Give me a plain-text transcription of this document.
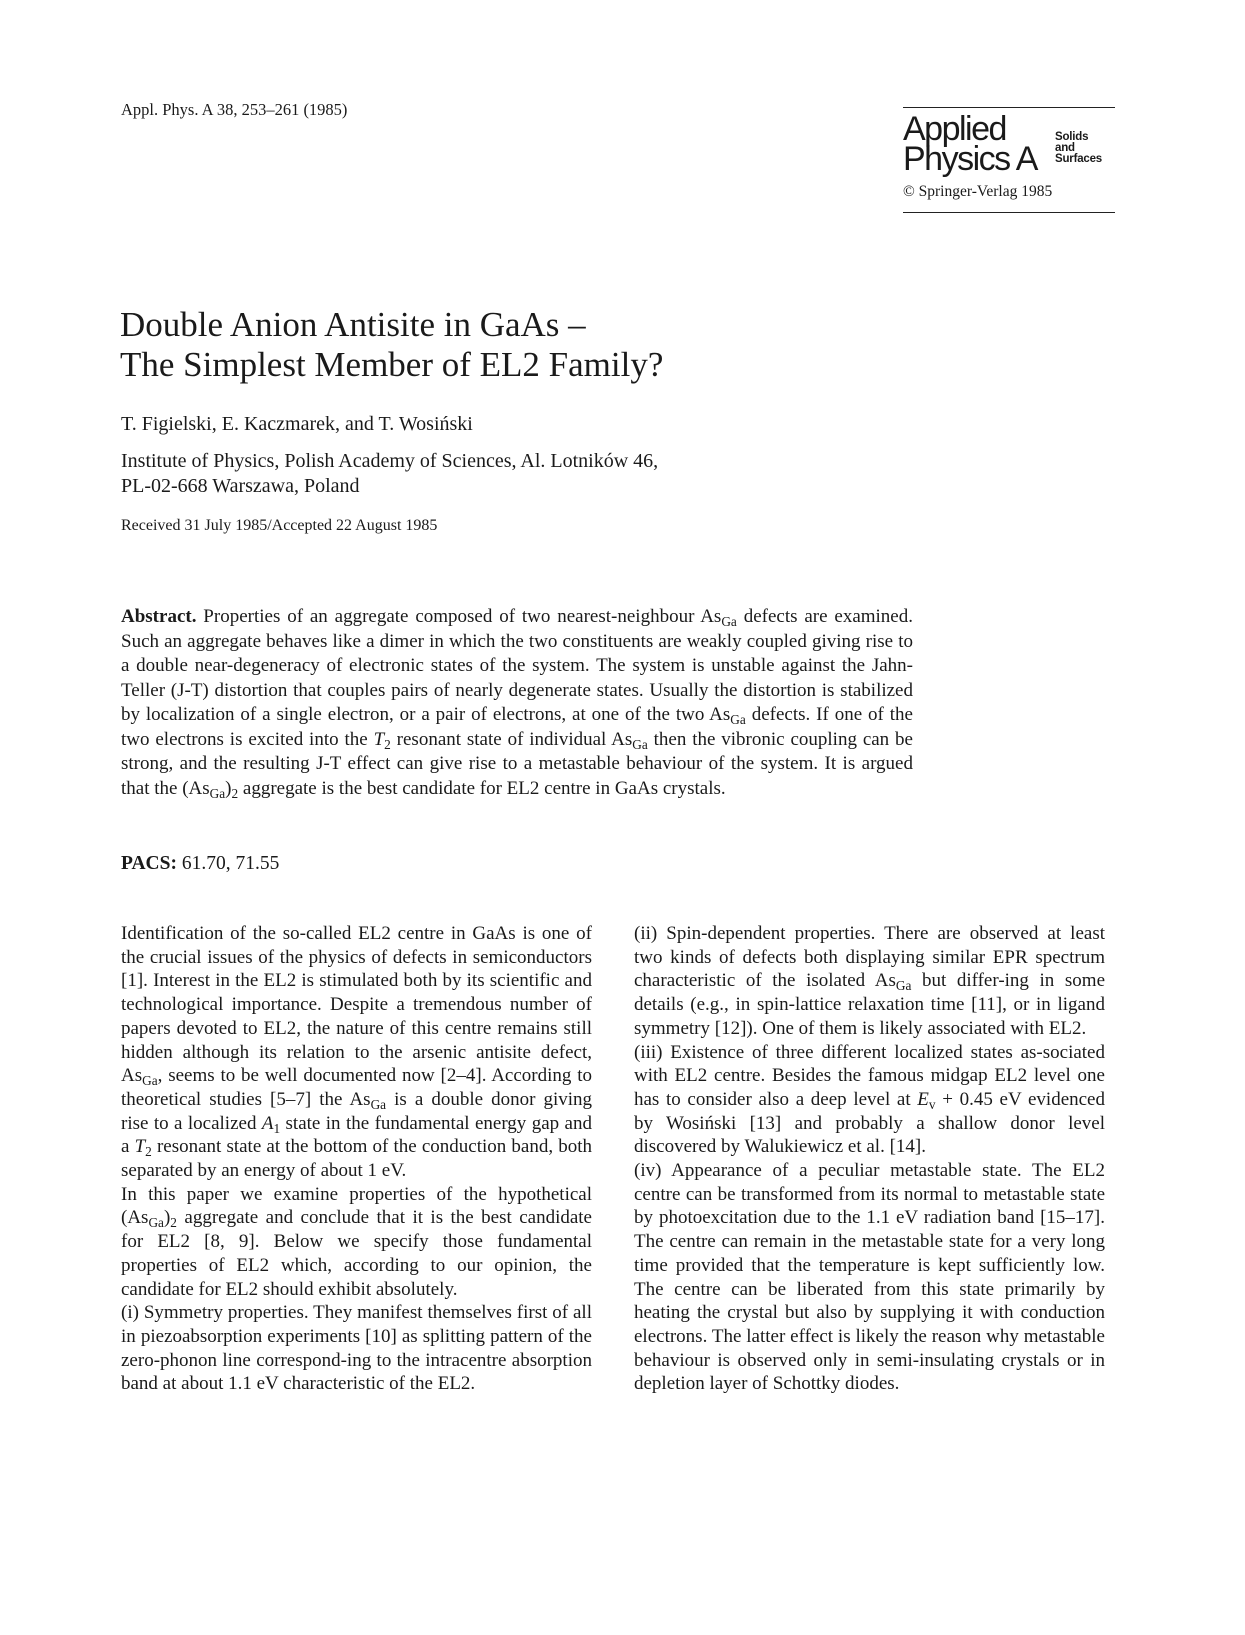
Appl. Phys. A 38, 253–261 (1985)
Applied
Physics A
Solids
and
Surfaces
© Springer-Verlag 1985
Double Anion Antisite in GaAs –
The Simplest Member of EL2 Family?
T. Figielski, E. Kaczmarek, and T. Wosiński
Institute of Physics, Polish Academy of Sciences, Al. Lotników 46,
PL-02-668 Warszawa, Poland
Received 31 July 1985/Accepted 22 August 1985
Abstract. Properties of an aggregate composed of two nearest-neighbour $As_{Ga}$ defects are examined. Such an aggregate behaves like a dimer in which the two constituents are weakly coupled giving rise to a double near-degeneracy of electronic states of the system. The system is unstable against the Jahn-Teller (J-T) distortion that couples pairs of nearly degenerate states. Usually the distortion is stabilized by localization of a single electron, or a pair of electrons, at one of the two $As_{Ga}$ defects. If one of the two electrons is excited into the $T_2$ resonant state of individual $As_{Ga}$ then the vibronic coupling can be strong, and the resulting J-T effect can give rise to a metastable behaviour of the system. It is argued that the $(As_{Ga})_2$ aggregate is the best candidate for EL2 centre in GaAs crystals.
PACS: 61.70, 71.55

Identification of the so-called EL2 centre in GaAs is one of the crucial issues of the physics of defects in semiconductors [1]. Interest in the EL2 is stimulated both by its scientific and technological importance. Despite a tremendous number of papers devoted to EL2, the nature of this centre remains still hidden although its relation to the arsenic antisite defect, $As_{Ga}$, seems to be well documented now [2–4]. According to theoretical studies [5–7] the $As_{Ga}$ is a double donor giving rise to a localized $A_1$ state in the fundamental energy gap and a $T_2$ resonant state at the bottom of the conduction band, both separated by an energy of about 1 eV.

In this paper we examine properties of the hypothetical $(As_{Ga})_2$ aggregate and conclude that it is the best candidate for EL2 [8, 9]. Below we specify those fundamental properties of EL2 which, according to our opinion, the candidate for EL2 should exhibit absolutely.

(i) Symmetry properties. They manifest themselves first of all in piezoabsorption experiments [10] as splitting pattern of the zero-phonon line correspond-ing to the intracentre absorption band at about 1.1 eV characteristic of the EL2.

(ii) Spin-dependent properties. There are observed at least two kinds of defects both displaying similar EPR spectrum characteristic of the isolated $As_{Ga}$ but differ-ing in some details (e.g., in spin-lattice relaxation time [11], or in ligand symmetry [12]). One of them is likely associated with EL2.

(iii) Existence of three different localized states as-sociated with EL2 centre. Besides the famous midgap EL2 level one has to consider also a deep level at $E_v + 0.45$ eV evidenced by Wosiński [13] and probably a shallow donor level discovered by Walukiewicz et al. [14].

(iv) Appearance of a peculiar metastable state. The EL2 centre can be transformed from its normal to metastable state by photoexcitation due to the 1.1 eV radiation band [15–17]. The centre can remain in the metastable state for a very long time provided that the temperature is kept sufficiently low. The centre can be liberated from this state primarily by heating the crystal but also by supplying it with conduction electrons. The latter effect is likely the reason why metastable behaviour is observed only in semi-insulating crystals or in depletion layer of Schottky diodes.
